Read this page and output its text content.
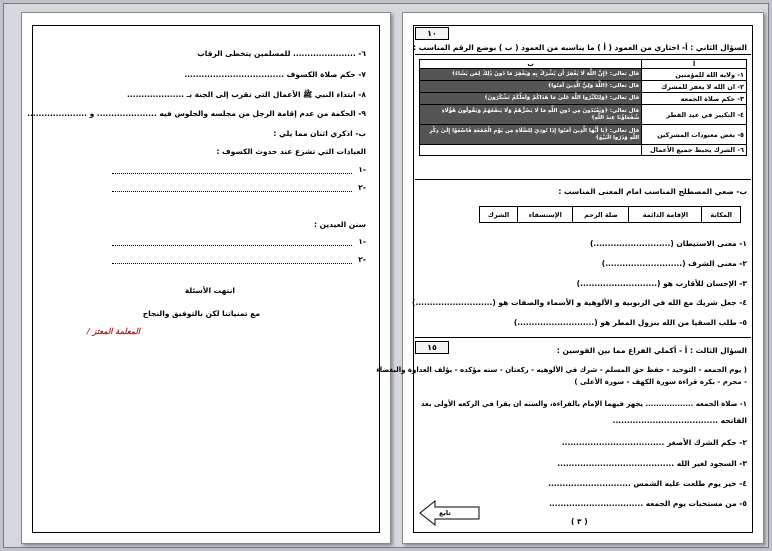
٦- ...................... للمسلمين يتخطى الرقاب
٧- حكم صلاة الكسوف ...................................
٨- ابتداء النبي ﷺ الأعمال التي تقرب إلى الجنة بـ ....................
٩- الحكمة من عدم إقامة الرجل من مجلسه والجلوس فيه ..................... و .....................
ب- اذكري اثنان مما يلي :
العبادات التي تشرع عند حدوث الكسوف :
-١
-٢
سنن العيدين :
-١
-٢
انتهت الأسئلة
مع تمنياتنا لكن بالتوفيق والنجاح
المعلمة المعتز /
١٠
السؤال الثاني : أ- اختاري من العمود ( أ ) ما يناسبه من العمود ( ب ) بوضع الرقم المناسب :
أ	ب
١- ولايه الله للمؤمنين	قال تعالى: ﴿إِنَّ اللَّهَ لَا يَغْفِرُ أَن يُشْرَكَ بِهِ وَيَغْفِرُ مَا دُونَ ذَٰلِكَ لِمَن يَشَاءُ﴾
٢- ان الله لا يغفر للمشرك	قال تعالى: ﴿اللَّهُ وَلِيُّ الَّذِينَ آمَنُوا﴾
٣- حكم صلاة الجمعه	قال تعالى: ﴿وَلِتُكَبِّرُوا اللَّهَ عَلَىٰ مَا هَدَاكُمْ وَلَعَلَّكُمْ تَشْكُرُونَ﴾
٤- التكبير في عيد الفطر	قال تعالى: ﴿وَيَعْبُدُونَ مِن دُونِ اللَّهِ مَا لَا يَضُرُّهُمْ وَلَا يَنفَعُهُمْ وَيَقُولُونَ هَٰؤُلَاءِ شُفَعَاؤُنَا عِندَ اللَّهِ﴾
٥- بعض معبودات المشركين	قال تعالى: ﴿يَا أَيُّهَا الَّذِينَ آمَنُوا إِذَا نُودِيَ لِلصَّلَاةِ مِن يَوْمِ الْجُمُعَةِ فَاسْعَوْا إِلَىٰ ذِكْرِ اللَّهِ وَذَرُوا الْبَيْعَ﴾
٦- الشرك يحبط جميع الأعمال	
ب- ضعي المصطلح المناسب امام المعنى المناسب :
المكانة	الإقامة الدائمة	صلة الرحم	الإستسقاء	الشرك
١- معنى الاستيطان (...........................)
٢- معنى الشرف (...........................)
٣- الإحسان للأقارب هو (...........................)
٤- جعل شريك مع الله في الربوبية و الألوهية و الأسماء والصفات هو (...........................)
٥- طلب السقيا من الله بنزول المطر هو (...........................)
١٥	السؤال الثالث : أ - أكملي الفراغ مما بين القوسين :
( يوم الجمعه - التوحيد - حفظ حق المسلم - شرك في الألوهيه - ركعتان - سنه مؤكده - يؤلف العداوة والبغضاء
- محرم - بكره قراءة سورة الكهف - سورة الأعلى )
١- صلاة الجمعه .................. يجهر فيهما الإمام بالقراءة، والسنه ان يقرا في الركعه الأولى بعد
الفاتحه .....................................
٢- حكم الشرك الأصغر ....................................
٣- السجود لغير الله .........................................
٤- خير يوم طلعت عليه الشمس .............................
٥- من مستحبات يوم الجمعه .................................
تابع
( ٣ )
